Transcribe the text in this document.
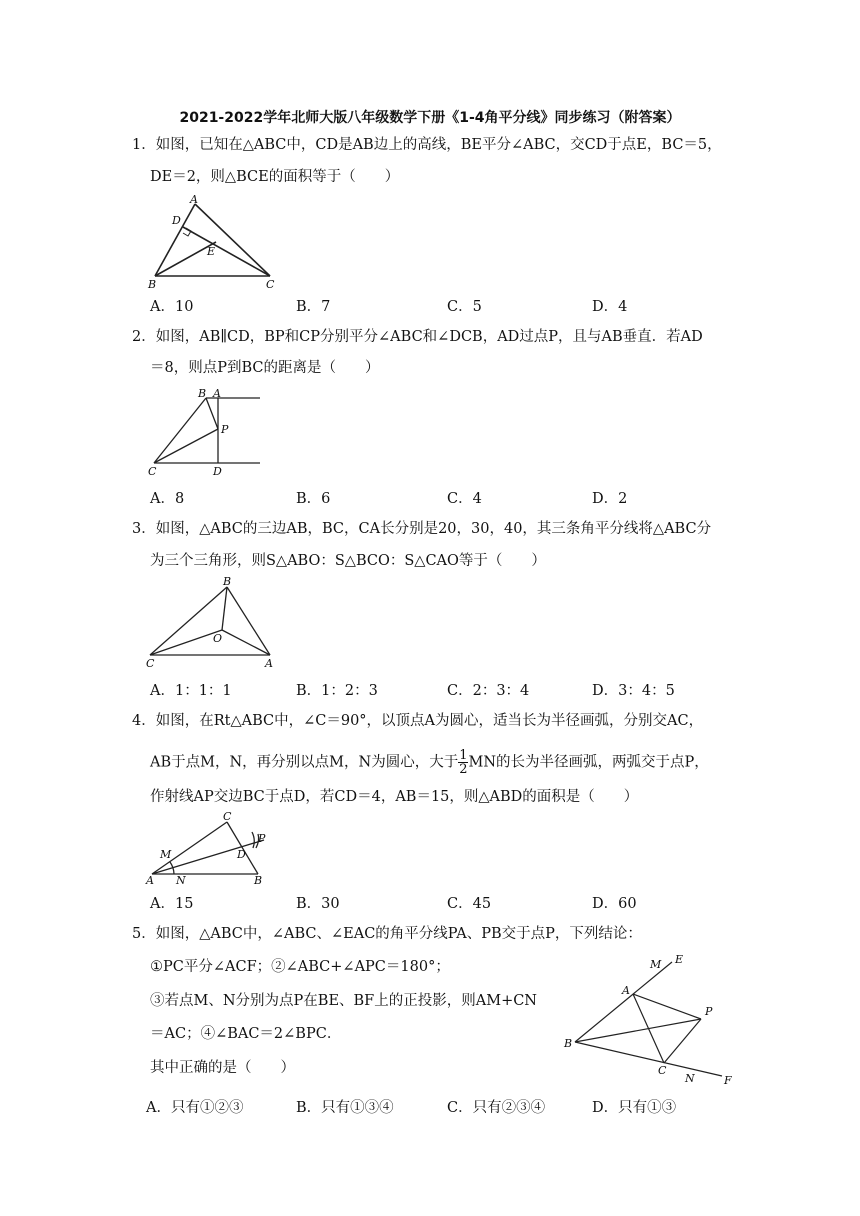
2021-2022学年北师大版八年级数学下册《1-4角平分线》同步练习（附答案）
1．如图，已知在△ABC中，CD是AB边上的高线，BE平分∠ABC，交CD于点E，BC＝5，
DE＝2，则△BCE的面积等于（　　）
A
D
E
B	C
A．10	B．7	C．5	D．4
2．如图，AB∥CD，BP和CP分别平分∠ABC和∠DCB，AD过点P，且与AB垂直．若AD
＝8，则点P到BC的距离是（　　）
B A
P
C	D
A．8	B．6	C．4	D．2
3．如图，△ABC的三边AB，BC，CA长分别是20，30，40，其三条角平分线将△ABC分
为三个三角形，则S△ABO：S△BCO：S△CAO等于（　　）
B
O
C	A
A．1：1：1	B．1：2：3	C．2：3：4	D．3：4：5
4．如图，在Rt△ABC中，∠C＝90°，以顶点A为圆心，适当长为半径画弧，分别交AC，
AB于点M，N，再分别以点M，N为圆心，大于 $\frac{1}{2}$ MN的长为半径画弧，两弧交于点P，
作射线AP交边BC于点D，若CD＝4，AB＝15，则△ABD的面积是（　　）
C
P
M	D
A N	B
A．15	B．30	C．45	D．60
5．如图，△ABC中，∠ABC、∠EAC的角平分线PA、PB交于点P，下列结论：
①PC平分∠ACF；②∠ABC+∠APC＝180°；
③若点M、N分别为点P在BE、BF上的正投影，则AM+CN
＝AC；④∠BAC＝2∠BPC．
其中正确的是（　　）
M E
A
P
B
C
N	F
A．只有①②③	B．只有①③④	C．只有②③④	D．只有①③
